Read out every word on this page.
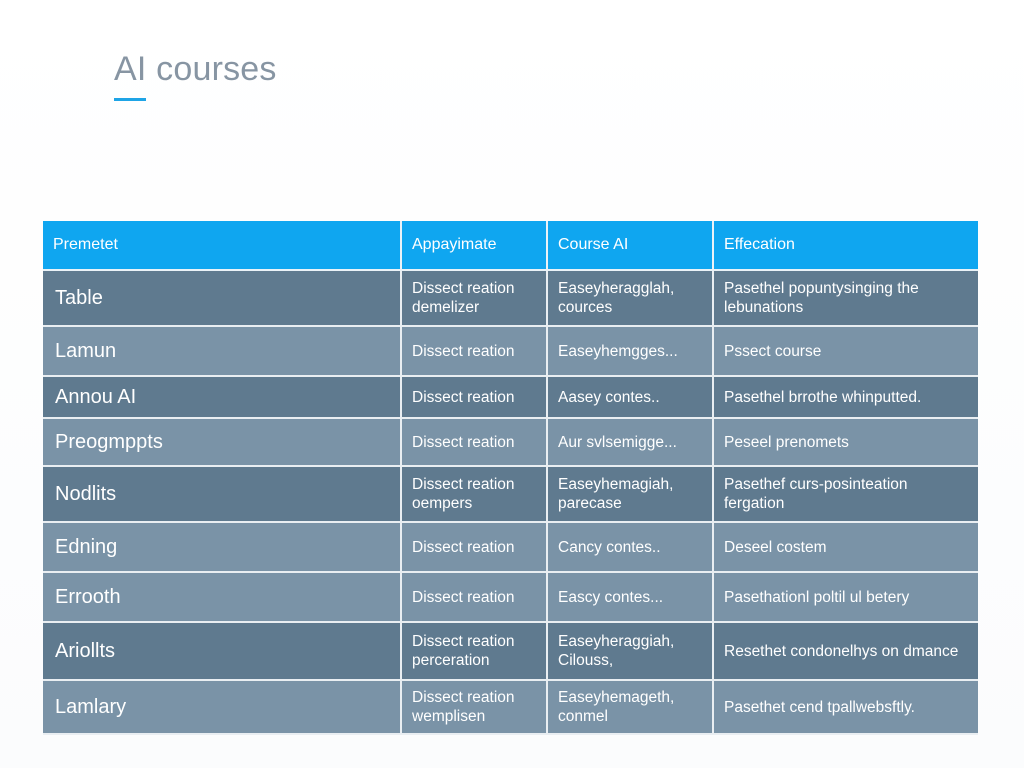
AI courses
Premetet	Appayimate	Course AI	Effecation
Table	Dissect reation demelizer	Easeyheragglah, cources	Pasethel popuntysinging the lebunations
Lamun	Dissect reation	Easeyhemgges...	Pssect course
Annou AI	Dissect reation	Aasey contes..	Pasethel brrothe whinputted.
Preogmppts	Dissect reation	Aur svlsemigge...	Peseel prenomets
Nodlits	Dissect reation oempers	Easeyhemagiah, parecase	Pasethef curs-posinteation fergation
Edning	Dissect reation	Cancy contes..	Deseel costem
Errooth	Dissect reation	Eascy contes...	Pasethationl poltil ul betery
Ariollts	Dissect reation perceration	Easeyheraggiah, Cilouss,	Resethet condonelhys on dmance
Lamlary	Dissect reation wemplisen	Easeyhemageth, conmel	Pasethet cend tpallwebsftly.
